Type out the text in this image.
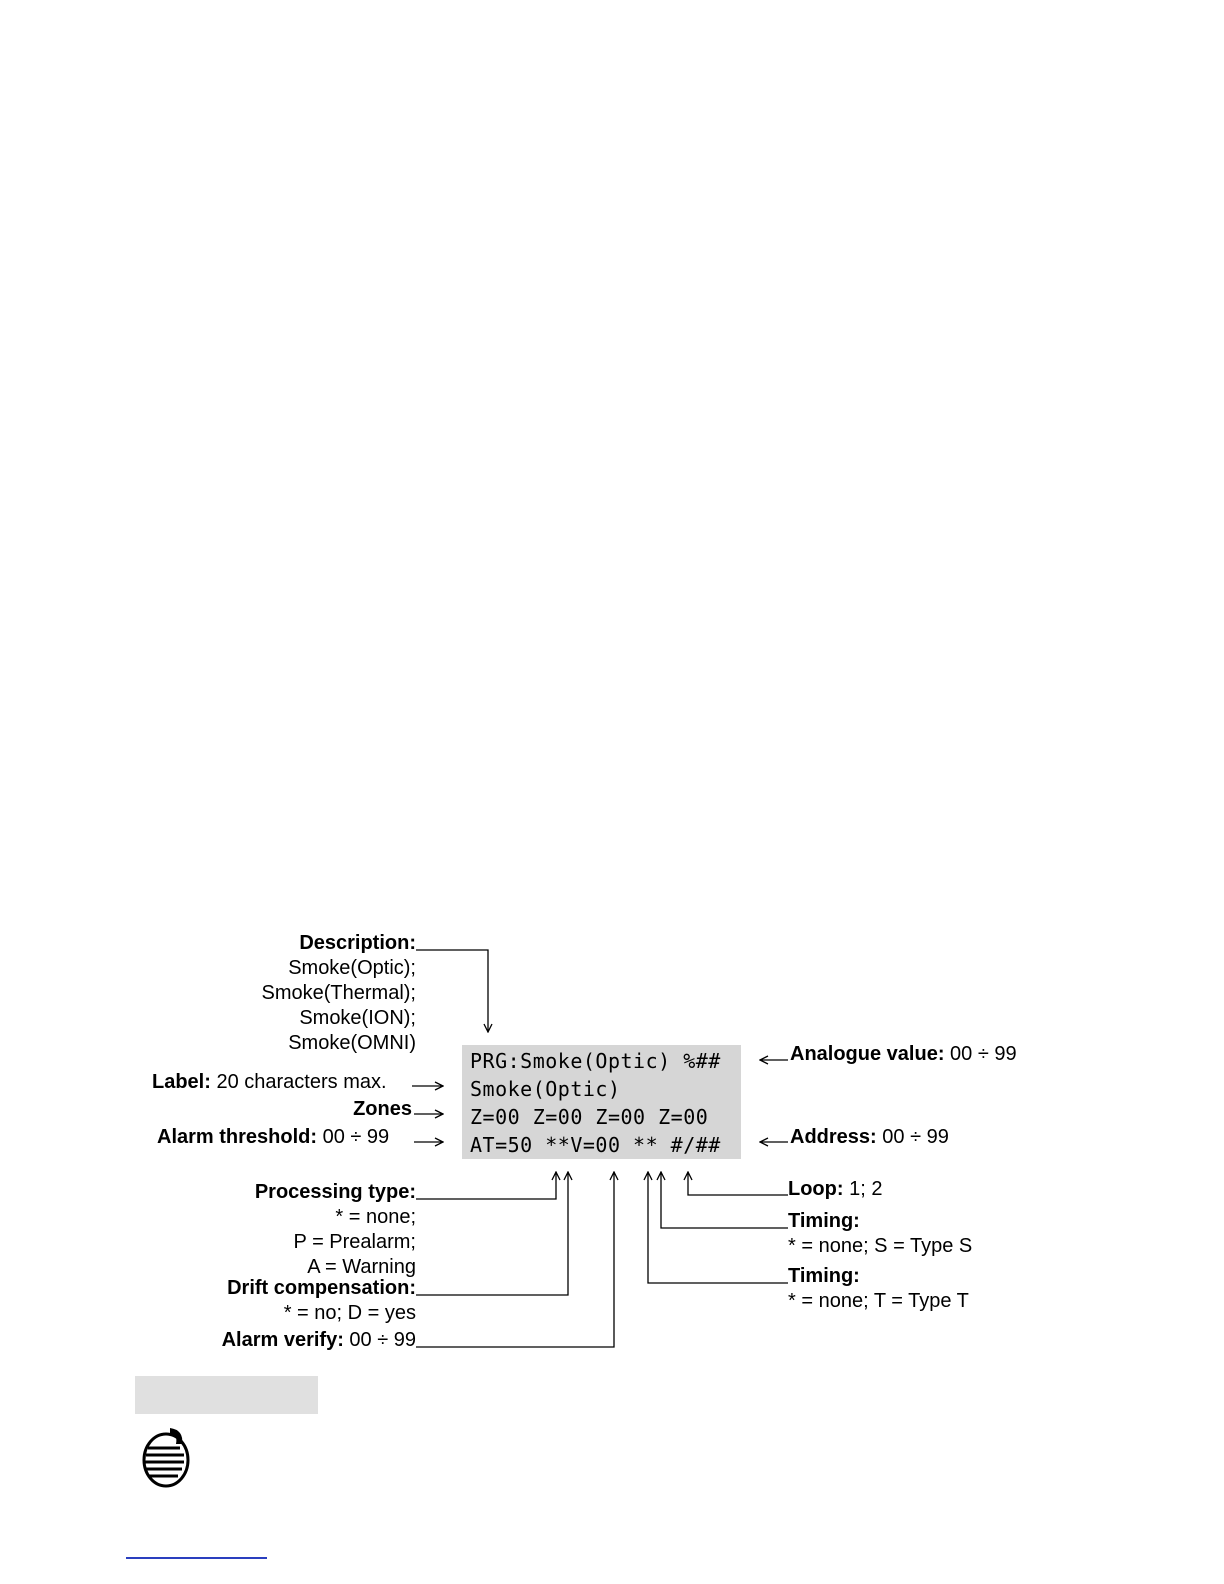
Description:
Smoke(Optic);
Smoke(Thermal);
Smoke(ION);
Smoke(OMNI)
Label: 20 characters max.
Zones
Alarm threshold: 00 ÷ 99
PRG:Smoke(Optic) %##
Smoke(Optic)
Z=00 Z=00 Z=00 Z=00
AT=50 **V=00 ** #/##
Analogue value: 00 ÷ 99
Address: 00 ÷ 99
Loop: 1; 2
Timing:
* = none; S = Type S
Timing:
* = none; T = Type T
Processing type:
* = none;
P = Prealarm;
A = Warning
Drift compensation:
* = no; D = yes
Alarm verify: 00 ÷ 99
